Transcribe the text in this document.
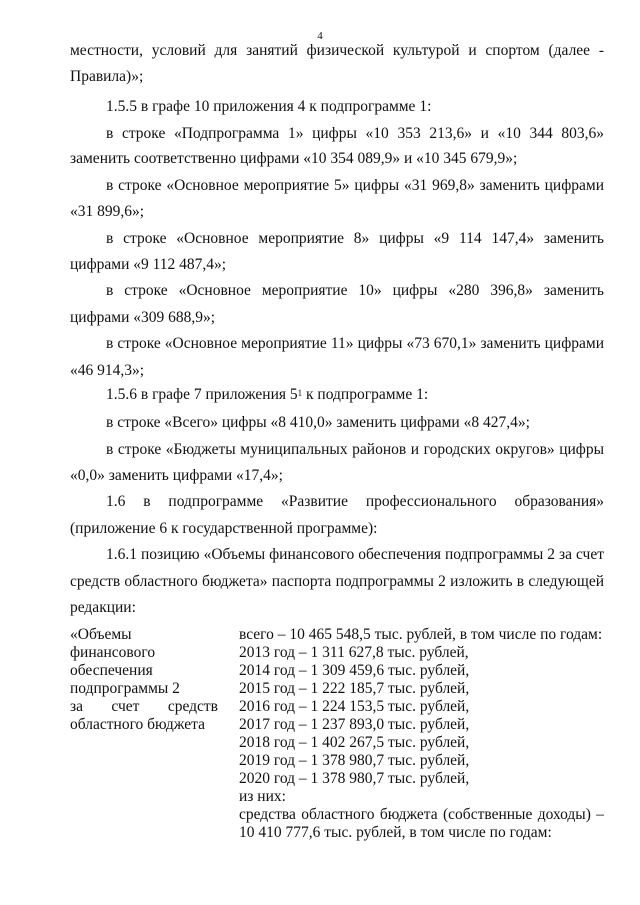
4
местности, условий для занятий физической культурой и спортом (далее -
Правила)»;
1.5.5 в графе 10 приложения 4 к подпрограмме 1:
в строке «Подпрограмма 1» цифры «10 353 213,6» и «10 344 803,6»
заменить соответственно цифрами «10 354 089,9» и «10 345 679,9»;
в строке «Основное мероприятие 5» цифры «31 969,8» заменить цифрами
«31 899,6»;
в строке «Основное мероприятие 8» цифры «9 114 147,4» заменить
цифрами «9 112 487,4»;
в строке «Основное мероприятие 10» цифры «280 396,8» заменить
цифрами «309 688,9»;
в строке «Основное мероприятие 11» цифры «73 670,1» заменить цифрами
«46 914,3»;
1.5.6 в графе 7 приложения $5^1$ к подпрограмме 1:
в строке «Всего» цифры «8 410,0» заменить цифрами «8 427,4»;
в строке «Бюджеты муниципальных районов и городских округов» цифры
«0,0» заменить цифрами «17,4»;
1.6 в подпрограмме «Развитие профессионального образования»
(приложение 6 к государственной программе):
1.6.1 позицию «Объемы финансового обеспечения подпрограммы 2 за счет
средств областного бюджета» паспорта подпрограммы 2 изложить в следующей
редакции:
«Объемы
финансового
обеспечения
подпрограммы 2
за счет средств
областного бюджета
всего – 10 465 548,5 тыс. рублей, в том числе по годам:
2013 год – 1 311 627,8 тыс. рублей,
2014 год – 1 309 459,6 тыс. рублей,
2015 год – 1 222 185,7 тыс. рублей,
2016 год – 1 224 153,5 тыс. рублей,
2017 год – 1 237 893,0 тыс. рублей,
2018 год – 1 402 267,5 тыс. рублей,
2019 год – 1 378 980,7 тыс. рублей,
2020 год – 1 378 980,7 тыс. рублей,
из них:
средства областного бюджета (собственные доходы) –
10 410 777,6 тыс. рублей, в том числе по годам:
